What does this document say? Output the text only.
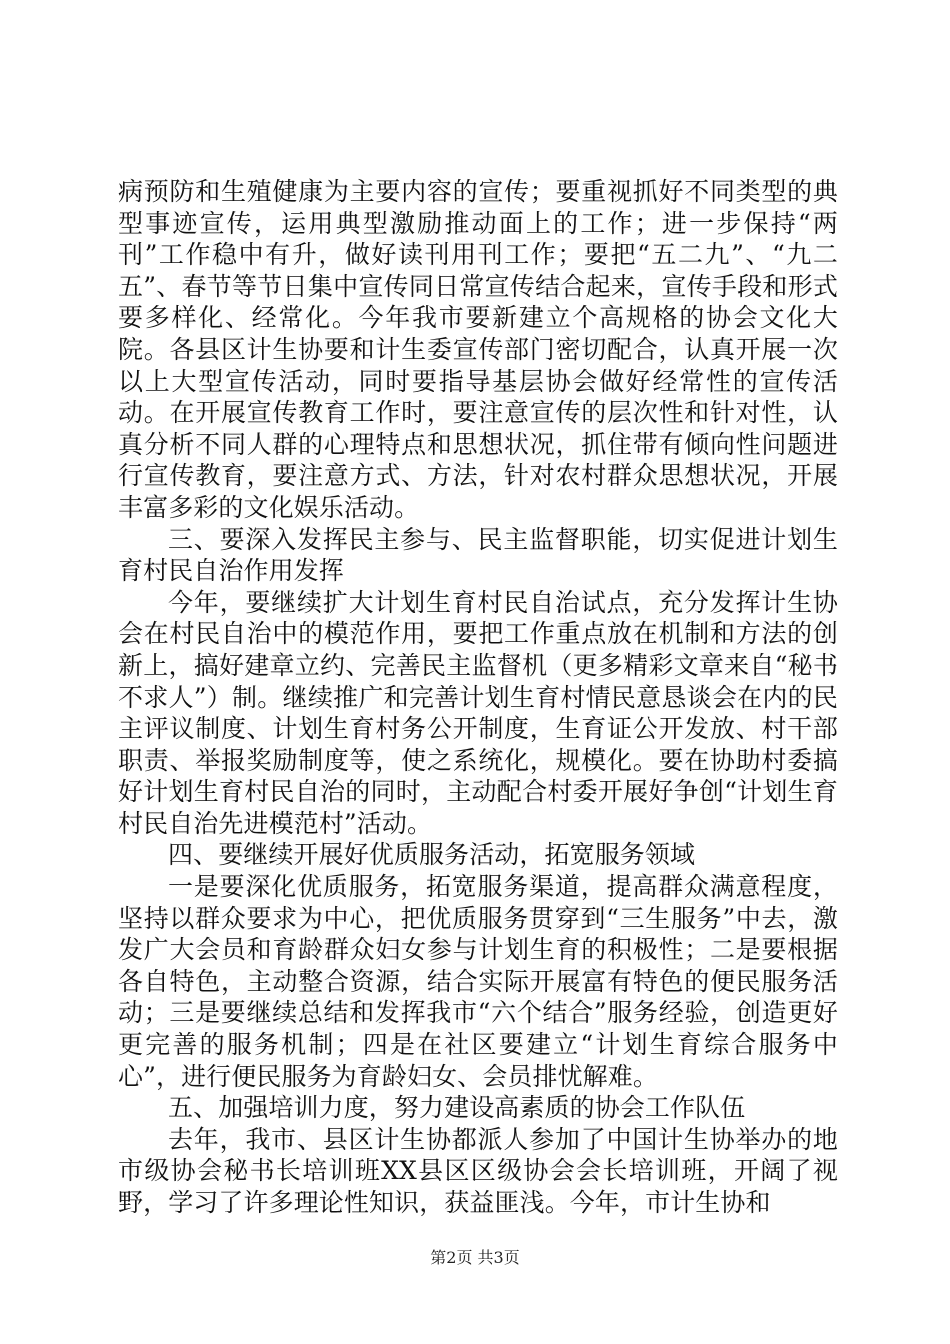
病预防和生殖健康为主要内容的宣传；要重视抓好不同类型的典型事迹宣传，运用典型激励推动面上的工作；进一步保持“两刊”工作稳中有升，做好读刊用刊工作；要把“五二九”、“九二五”、春节等节日集中宣传同日常宣传结合起来，宣传手段和形式要多样化、经常化。今年我市要新建立个高规格的协会文化大院。各县区计生协要和计生委宣传部门密切配合，认真开展一次以上大型宣传活动，同时要指导基层协会做好经常性的宣传活动。在开展宣传教育工作时，要注意宣传的层次性和针对性，认真分析不同人群的心理特点和思想状况，抓住带有倾向性问题进行宣传教育，要注意方式、方法，针对农村群众思想状况，开展丰富多彩的文化娱乐活动。

三、要深入发挥民主参与、民主监督职能，切实促进计划生育村民自治作用发挥

今年，要继续扩大计划生育村民自治试点，充分发挥计生协会在村民自治中的模范作用，要把工作重点放在机制和方法的创新上，搞好建章立约、完善民主监督机（更多精彩文章来自“秘书不求人”）制。继续推广和完善计划生育村情民意恳谈会在内的民主评议制度、计划生育村务公开制度，生育证公开发放、村干部职责、举报奖励制度等，使之系统化，规模化。要在协助村委搞好计划生育村民自治的同时，主动配合村委开展好争创“计划生育村民自治先进模范村”活动。

四、要继续开展好优质服务活动，拓宽服务领域

一是要深化优质服务，拓宽服务渠道，提高群众满意程度，坚持以群众要求为中心，把优质服务贯穿到“三生服务”中去，激发广大会员和育龄群众妇女参与计划生育的积极性；二是要根据各自特色，主动整合资源，结合实际开展富有特色的便民服务活动；三是要继续总结和发挥我市“六个结合”服务经验，创造更好更完善的服务机制；四是在社区要建立“计划生育综合服务中心”，进行便民服务为育龄妇女、会员排忧解难。

五、加强培训力度，努力建设高素质的协会工作队伍

去年，我市、县区计生协都派人参加了中国计生协举办的地市级协会秘书长培训班XX县区区级协会会长培训班，开阔了视野，学习了许多理论性知识，获益匪浅。今年，市计生协和

第2页 共3页
